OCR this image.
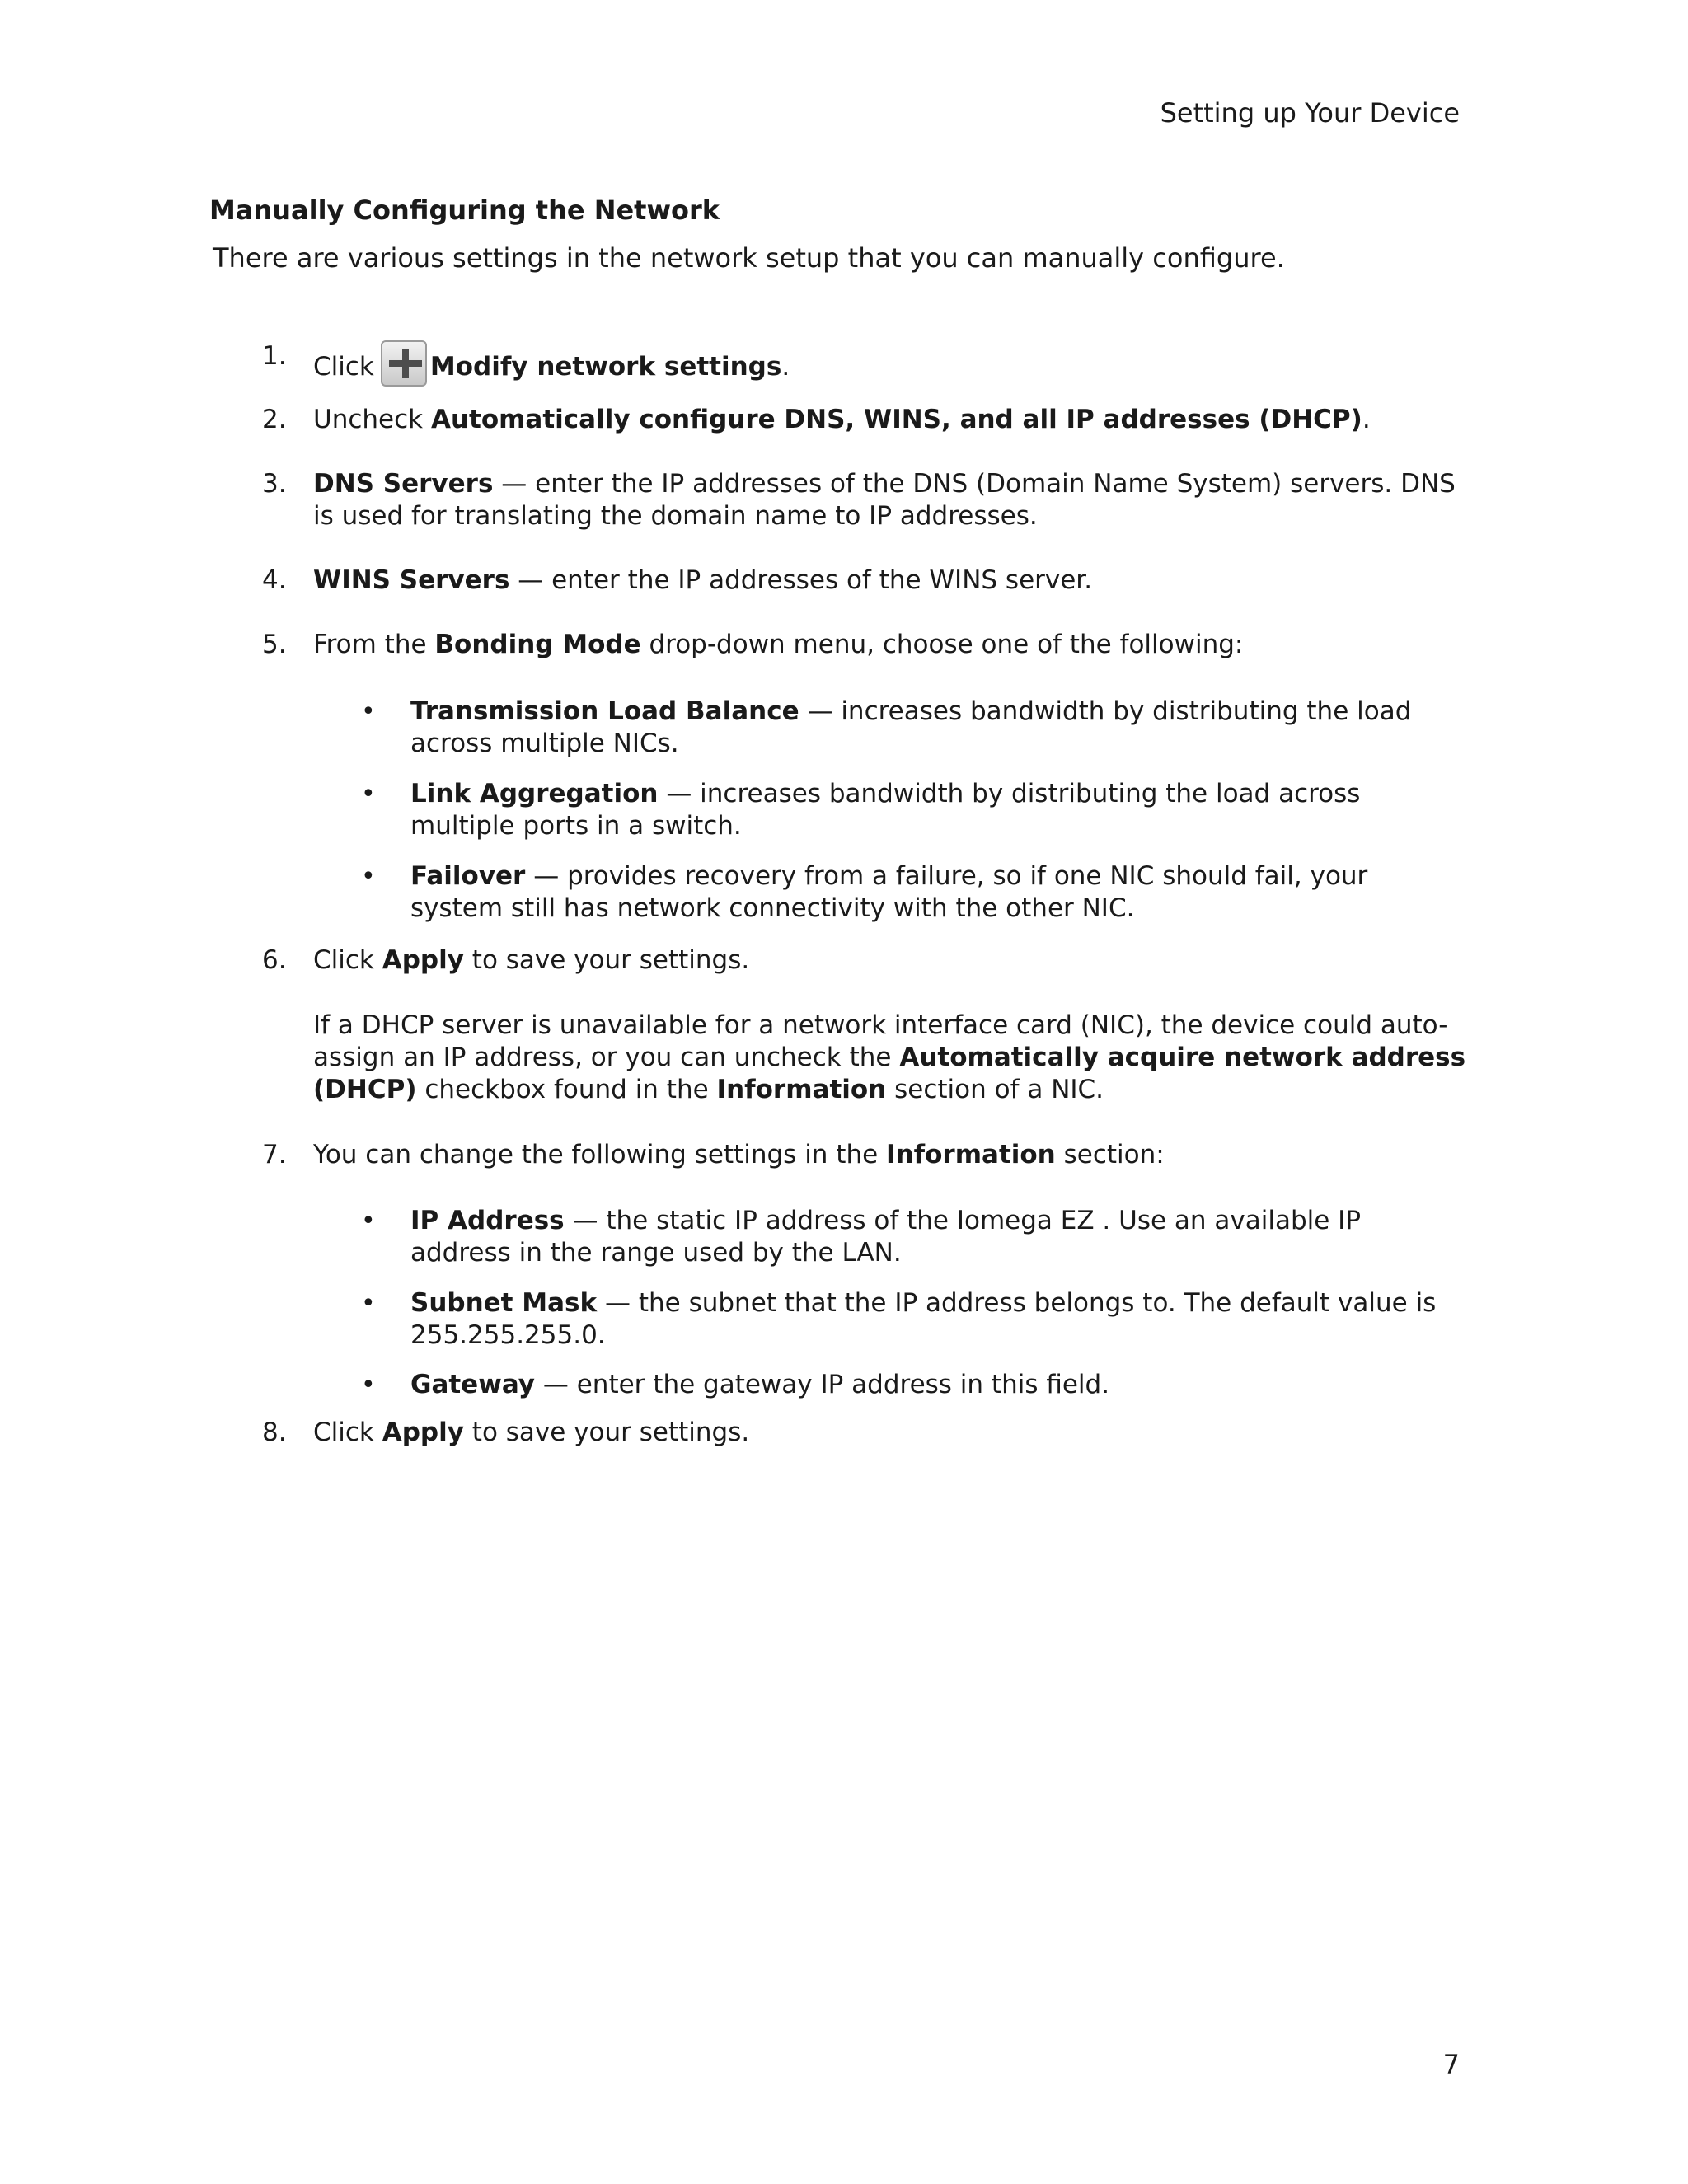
Setting up Your Device
Manually Configuring the Network
There are various settings in the network setup that you can manually configure.
1. Click Modify network settings.
2. Uncheck Automatically configure DNS, WINS, and all IP addresses (DHCP).
3. DNS Servers — enter the IP addresses of the DNS (Domain Name System) servers. DNS is used for translating the domain name to IP addresses.
4. WINS Servers — enter the IP addresses of the WINS server.
5. From the Bonding Mode drop-down menu, choose one of the following:
• Transmission Load Balance — increases bandwidth by distributing the load across multiple NICs.
• Link Aggregation — increases bandwidth by distributing the load across multiple ports in a switch.
• Failover — provides recovery from a failure, so if one NIC should fail, your system still has network connectivity with the other NIC.
6. Click Apply to save your settings.
If a DHCP server is unavailable for a network interface card (NIC), the device could auto-assign an IP address, or you can uncheck the Automatically acquire network address (DHCP) checkbox found in the Information section of a NIC.
7. You can change the following settings in the Information section:
• IP Address — the static IP address of the Iomega EZ . Use an available IP address in the range used by the LAN.
• Subnet Mask — the subnet that the IP address belongs to. The default value is 255.255.255.0.
• Gateway — enter the gateway IP address in this field.
8. Click Apply to save your settings.
7
